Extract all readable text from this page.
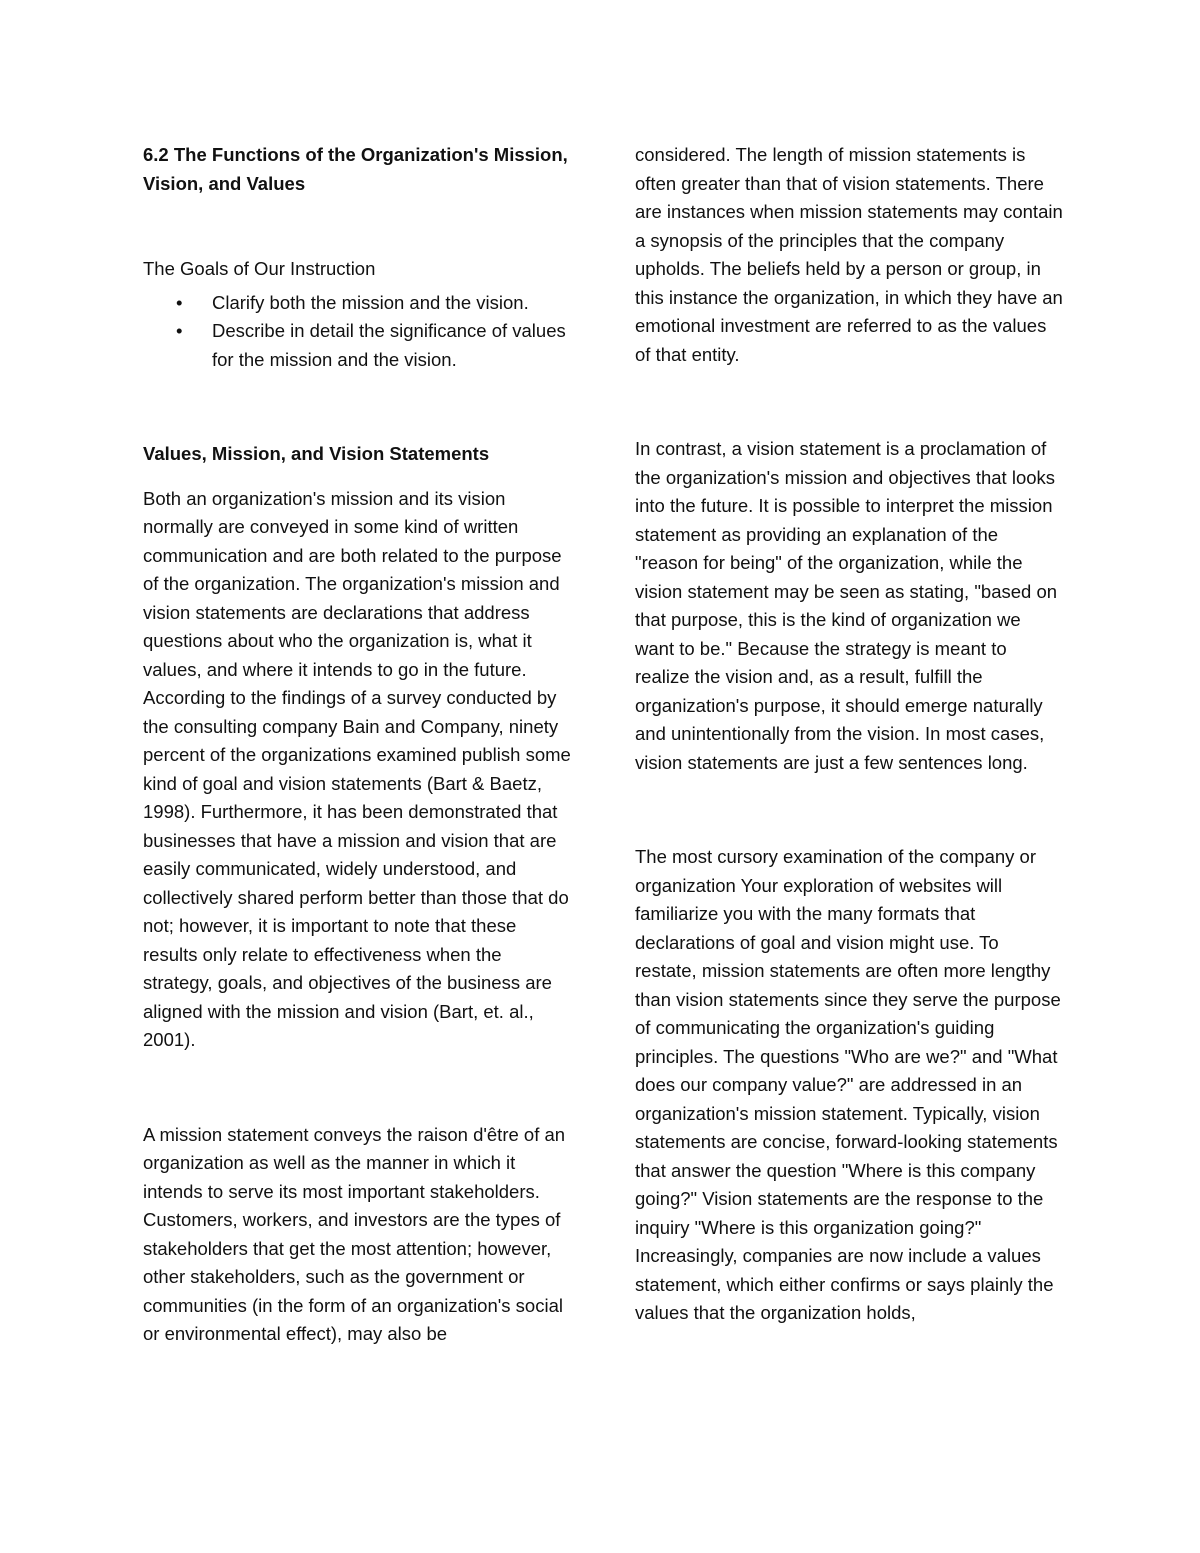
6.2 The Functions of the Organization's Mission, Vision, and Values
The Goals of Our Instruction
• Clarify both the mission and the vision.
• Describe in detail the significance of values for the mission and the vision.
Values, Mission, and Vision Statements

Both an organization's mission and its vision normally are conveyed in some kind of written communication and are both related to the purpose of the organization. The organization's mission and vision statements are declarations that address questions about who the organization is, what it values, and where it intends to go in the future. According to the findings of a survey conducted by the consulting company Bain and Company, ninety percent of the organizations examined publish some kind of goal and vision statements (Bart & Baetz, 1998). Furthermore, it has been demonstrated that businesses that have a mission and vision that are easily communicated, widely understood, and collectively shared perform better than those that do not; however, it is important to note that these results only relate to effectiveness when the strategy, goals, and objectives of the business are aligned with the mission and vision (Bart, et. al., 2001).

A mission statement conveys the raison d'être of an organization as well as the manner in which it intends to serve its most important stakeholders. Customers, workers, and investors are the types of stakeholders that get the most attention; however, other stakeholders, such as the government or communities (in the form of an organization's social or environmental effect), may also be

considered. The length of mission statements is often greater than that of vision statements. There are instances when mission statements may contain a synopsis of the principles that the company upholds. The beliefs held by a person or group, in this instance the organization, in which they have an emotional investment are referred to as the values of that entity.

In contrast, a vision statement is a proclamation of the organization's mission and objectives that looks into the future. It is possible to interpret the mission statement as providing an explanation of the "reason for being" of the organization, while the vision statement may be seen as stating, "based on that purpose, this is the kind of organization we want to be." Because the strategy is meant to realize the vision and, as a result, fulfill the organization's purpose, it should emerge naturally and unintentionally from the vision. In most cases, vision statements are just a few sentences long.

The most cursory examination of the company or organization Your exploration of websites will familiarize you with the many formats that declarations of goal and vision might use. To restate, mission statements are often more lengthy than vision statements since they serve the purpose of communicating the organization's guiding principles. The questions "Who are we?" and "What does our company value?" are addressed in an organization's mission statement. Typically, vision statements are concise, forward-looking statements that answer the question "Where is this company going?" Vision statements are the response to the inquiry "Where is this organization going?" Increasingly, companies are now include a values statement, which either confirms or says plainly the values that the organization holds,
